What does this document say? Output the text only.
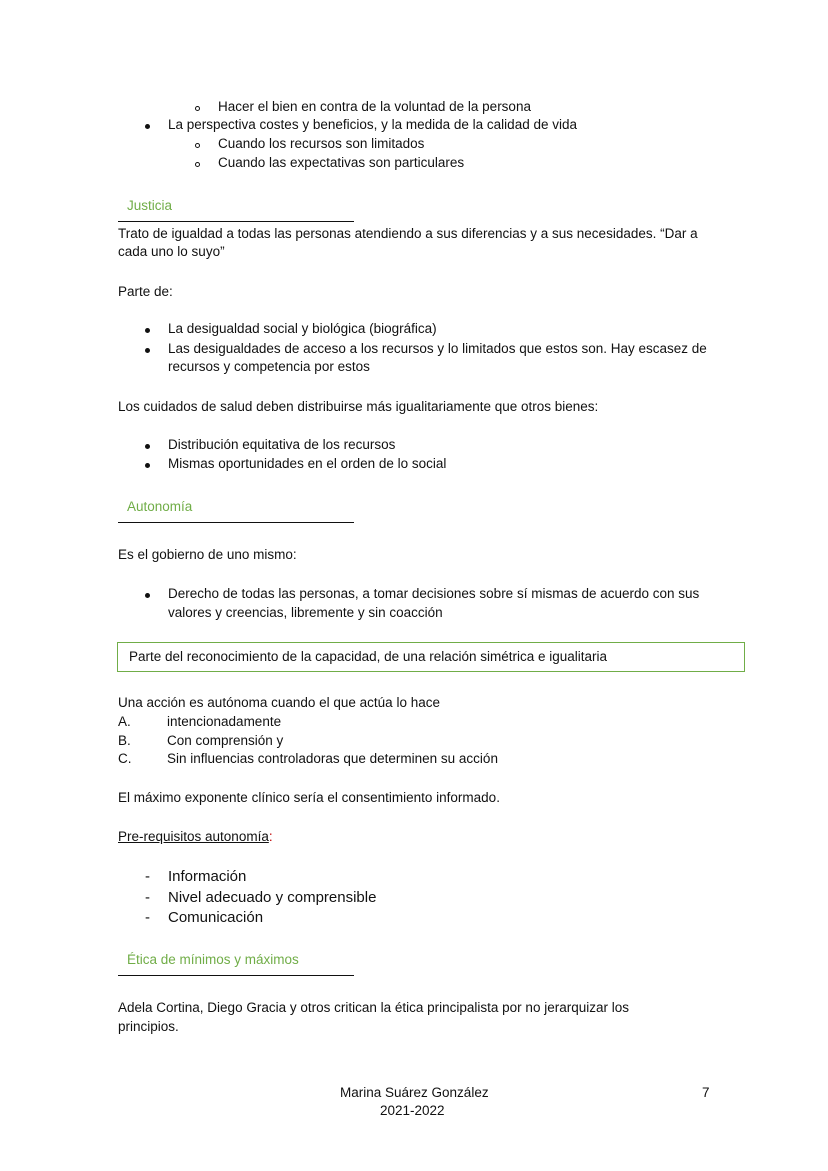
Hacer el bien en contra de la voluntad de la persona
La perspectiva costes y beneficios, y la medida de la calidad de vida
Cuando los recursos son limitados
Cuando las expectativas son particulares
Justicia
Trato de igualdad a todas las personas atendiendo a sus diferencias y a sus necesidades. “Dar a
cada uno lo suyo”
Parte de:
La desigualdad social y biológica (biográfica)
Las desigualdades de acceso a los recursos y lo limitados que estos son. Hay escasez de
recursos y competencia por estos
Los cuidados de salud deben distribuirse más igualitariamente que otros bienes:
Distribución equitativa de los recursos
Mismas oportunidades en el orden de lo social
Autonomía
Es el gobierno de uno mismo:
Derecho de todas las personas, a tomar decisiones sobre sí mismas de acuerdo con sus
valores y creencias, libremente y sin coacción
Parte del reconocimiento de la capacidad, de una relación simétrica e igualitaria
Una acción es autónoma cuando el que actúa lo hace
A.	intencionadamente
B.	Con comprensión y
C.	Sin influencias controladoras que determinen su acción
El máximo exponente clínico sería el consentimiento informado.
Pre-requisitos autonomía:
- Información
- Nivel adecuado y comprensible
- Comunicación
Ética de mínimos y máximos
Adela Cortina, Diego Gracia y otros critican la ética principalista por no jerarquizar los
principios.
Marina Suárez González
2021-2022
7
